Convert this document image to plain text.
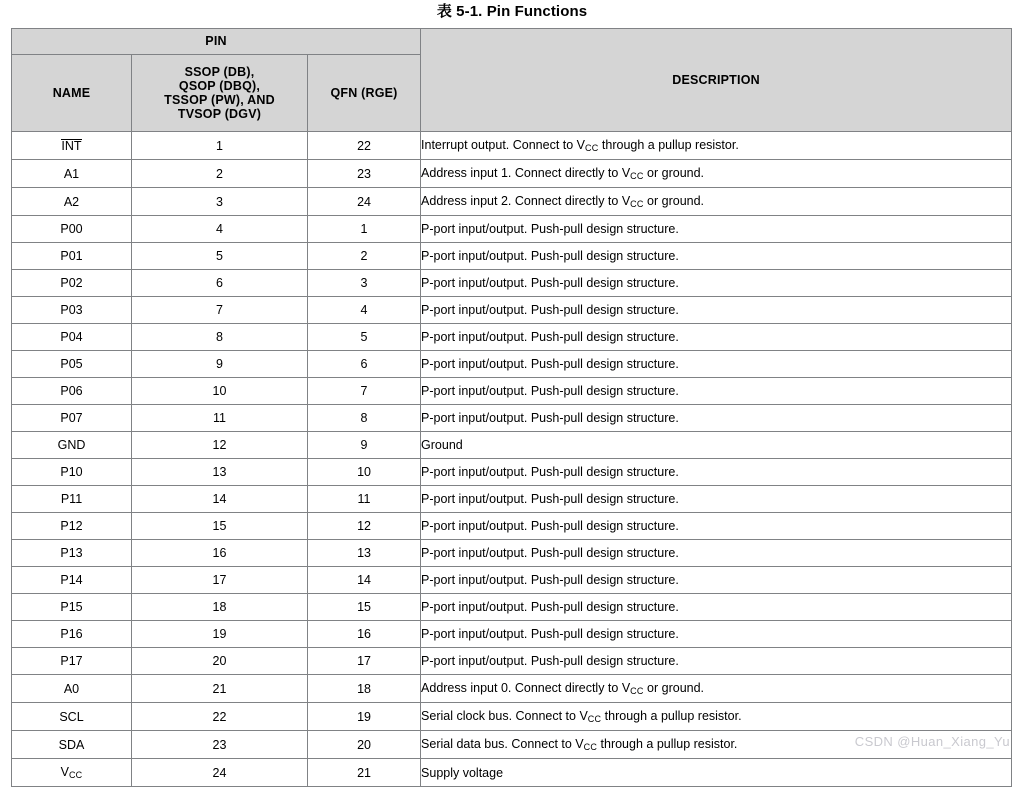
表 5-1. Pin Functions
PIN			DESCRIPTION
NAME	SSOP (DB),
QSOP (DBQ),
TSSOP (PW), AND
TVSOP (DGV)	QFN (RGE)	
INT	1	22	Interrupt output. Connect to $V_{CC}$ through a pullup resistor.
A1	2	23	Address input 1. Connect directly to $V_{CC}$ or ground.
A2	3	24	Address input 2. Connect directly to $V_{CC}$ or ground.
P00	4	1	P-port input/output. Push-pull design structure.
P01	5	2	P-port input/output. Push-pull design structure.
P02	6	3	P-port input/output. Push-pull design structure.
P03	7	4	P-port input/output. Push-pull design structure.
P04	8	5	P-port input/output. Push-pull design structure.
P05	9	6	P-port input/output. Push-pull design structure.
P06	10	7	P-port input/output. Push-pull design structure.
P07	11	8	P-port input/output. Push-pull design structure.
GND	12	9	Ground
P10	13	10	P-port input/output. Push-pull design structure.
P11	14	11	P-port input/output. Push-pull design structure.
P12	15	12	P-port input/output. Push-pull design structure.
P13	16	13	P-port input/output. Push-pull design structure.
P14	17	14	P-port input/output. Push-pull design structure.
P15	18	15	P-port input/output. Push-pull design structure.
P16	19	16	P-port input/output. Push-pull design structure.
P17	20	17	P-port input/output. Push-pull design structure.
A0	21	18	Address input 0. Connect directly to $V_{CC}$ or ground.
SCL	22	19	Serial clock bus. Connect to $V_{CC}$ through a pullup resistor.
SDA	23	20	Serial data bus. Connect to $V_{CC}$ through a pullup resistor.
$V_{CC}$	24	21	Supply voltage
CSDN @Huan_Xiang_Yu
